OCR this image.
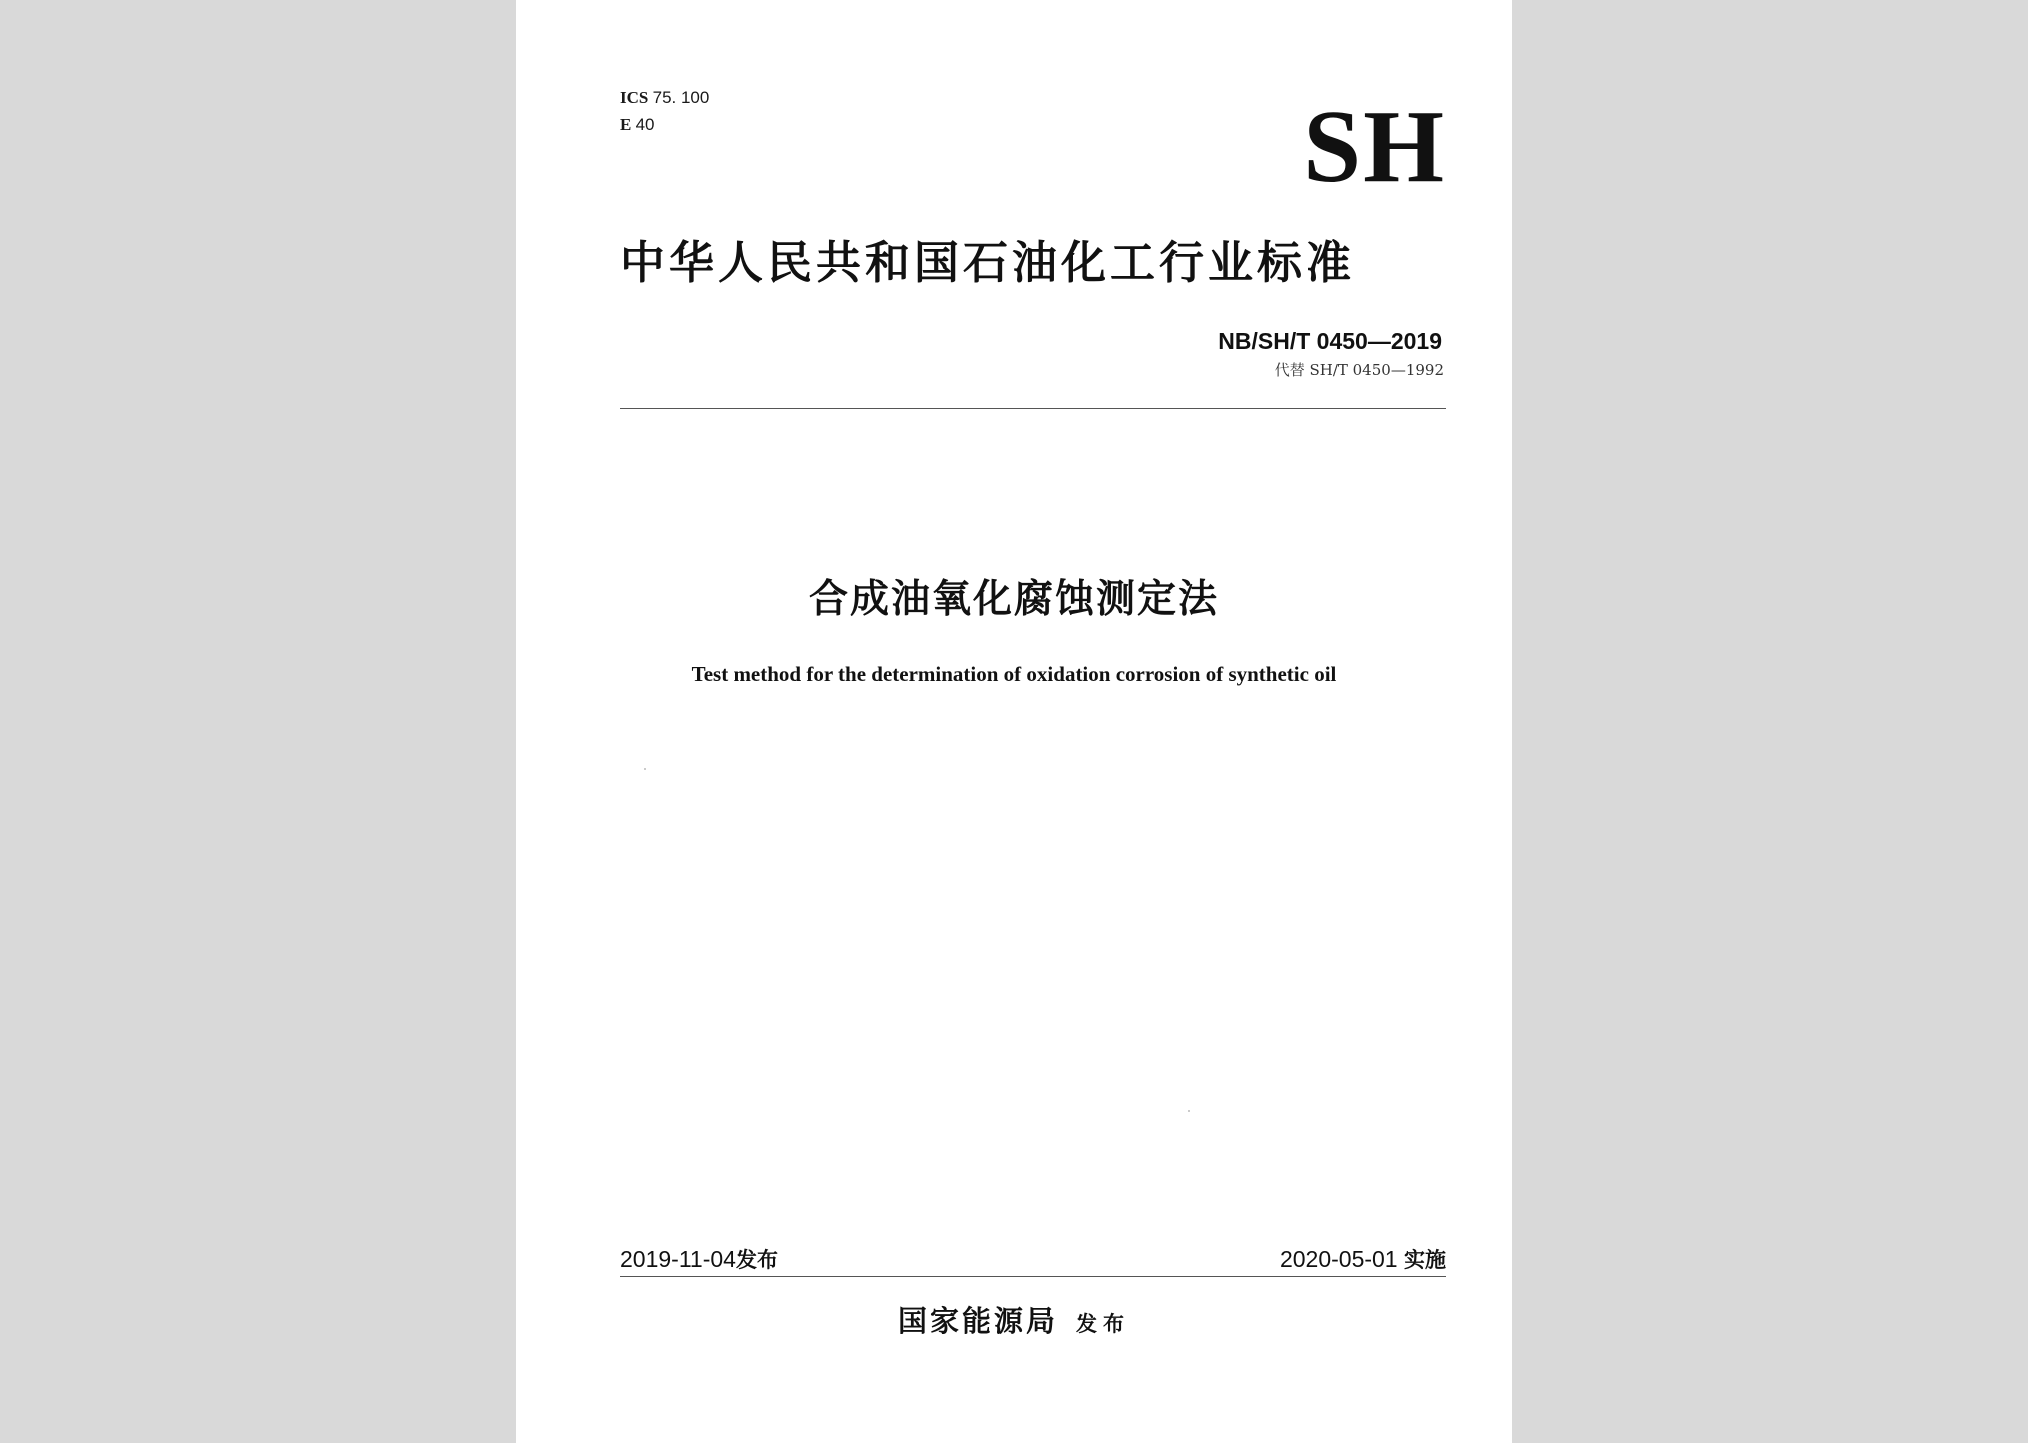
ICS 75. 100
E 40	SH
中华人民共和国石油化工行业标准
NB/SH/T 0450—2019
代替 SH/T 0450—1992
合成油氧化腐蚀测定法
Test method for the determination of oxidation corrosion of synthetic oil
2019-11-04发布	2020-05-01 实施
国家能源局 发布
